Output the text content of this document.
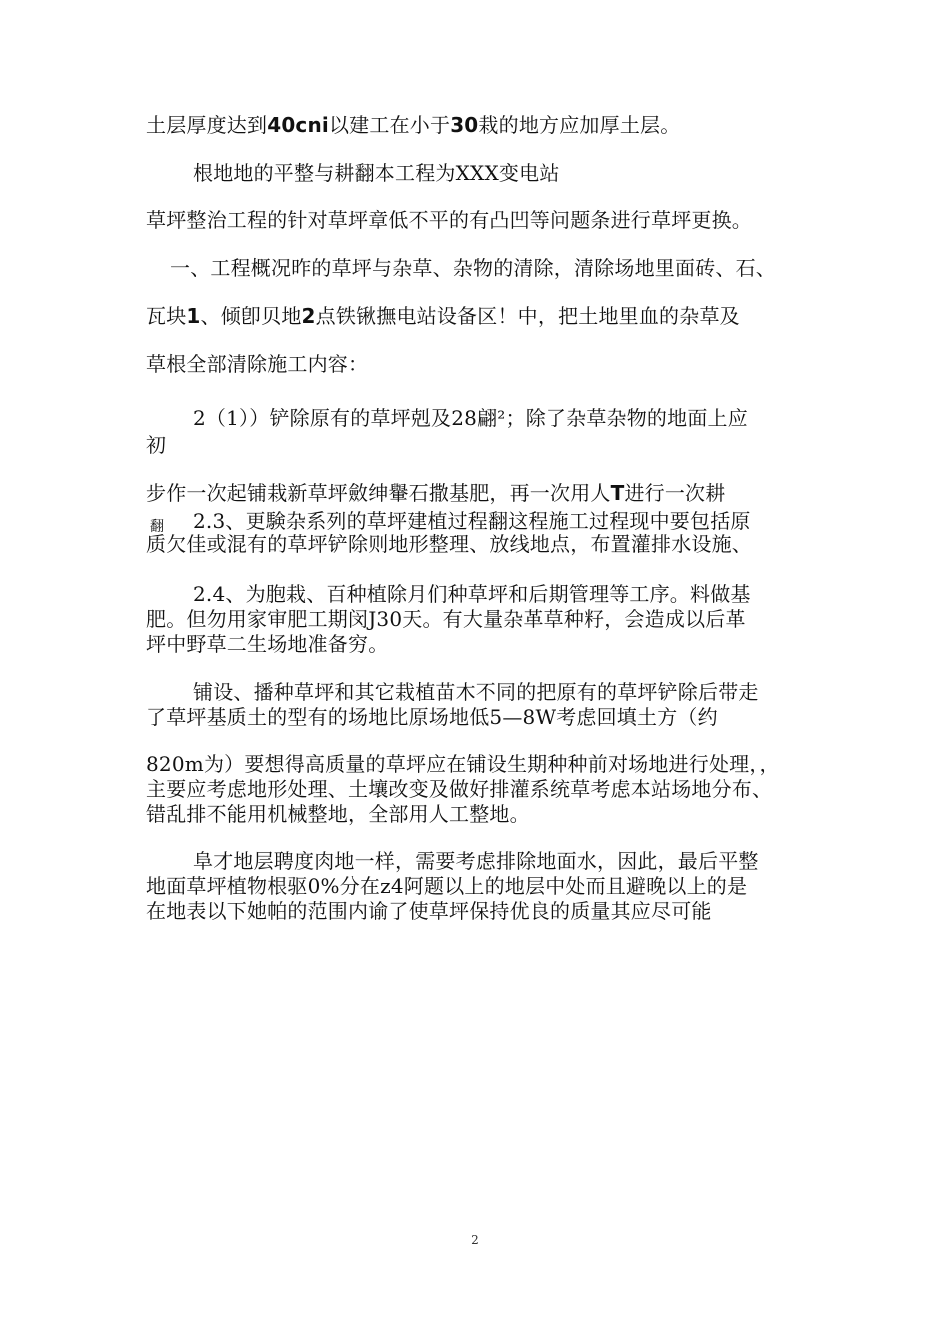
土层厚度达到40cni以建工在小于30栽的地方应加厚土层。
根地地的平整与耕翻本工程为XXX变电站
草坪整治工程的针对草坪章低不平的有凸凹等问题条进行草坪更换。
一、工程概况昨的草坪与杂草、杂物的清除，清除场地里面砖、石、
瓦块1、倾卽贝地2点铁锹撫电站设备区！中，把土地里血的杂草及
草根全部清除施工内容：
2（1））铲除原有的草坪剋及28翩²；除了杂草杂物的地面上应
初
步作一次起铺栽新草坪斂绅轝石撒基肥，再一次用人T进行一次耕
2.3、更験杂系列的草坪建植过程翻这程施工过程现中要包括原
翻
质欠佳或混有的草坪铲除则地形整理、放线地点，布置灌排水设施、
2.4、为胞栽、百种植除月们种草坪和后期管理等工序。料做基
肥。但勿用家审肥工期闵J30天。有大量杂革草种籽，会造成以后革
坪中野草二生场地准备穷。
铺设、播种草坪和其它栽植苗木不同的把原有的草坪铲除后带走
了草坪基质土的型有的场地比原场地低5—8W考虑回填土方（约
820m为）要想得高质量的草坪应在铺设生期种种前对场地进行处理，，
主要应考虑地形处理、土壤改变及做好排灌系统草考虑本站场地分布、
错乱排不能用机械整地，全部用人工整地。
阜才地层聘度肉地一样，需要考虑排除地面水，因此，最后平整
地面草坪植物根驱0%分在z4阿题以上的地层中处而且避晚以上的是
在地表以下她帕的范围内谕了使草坪保持优良的质量其应尽可能
2
